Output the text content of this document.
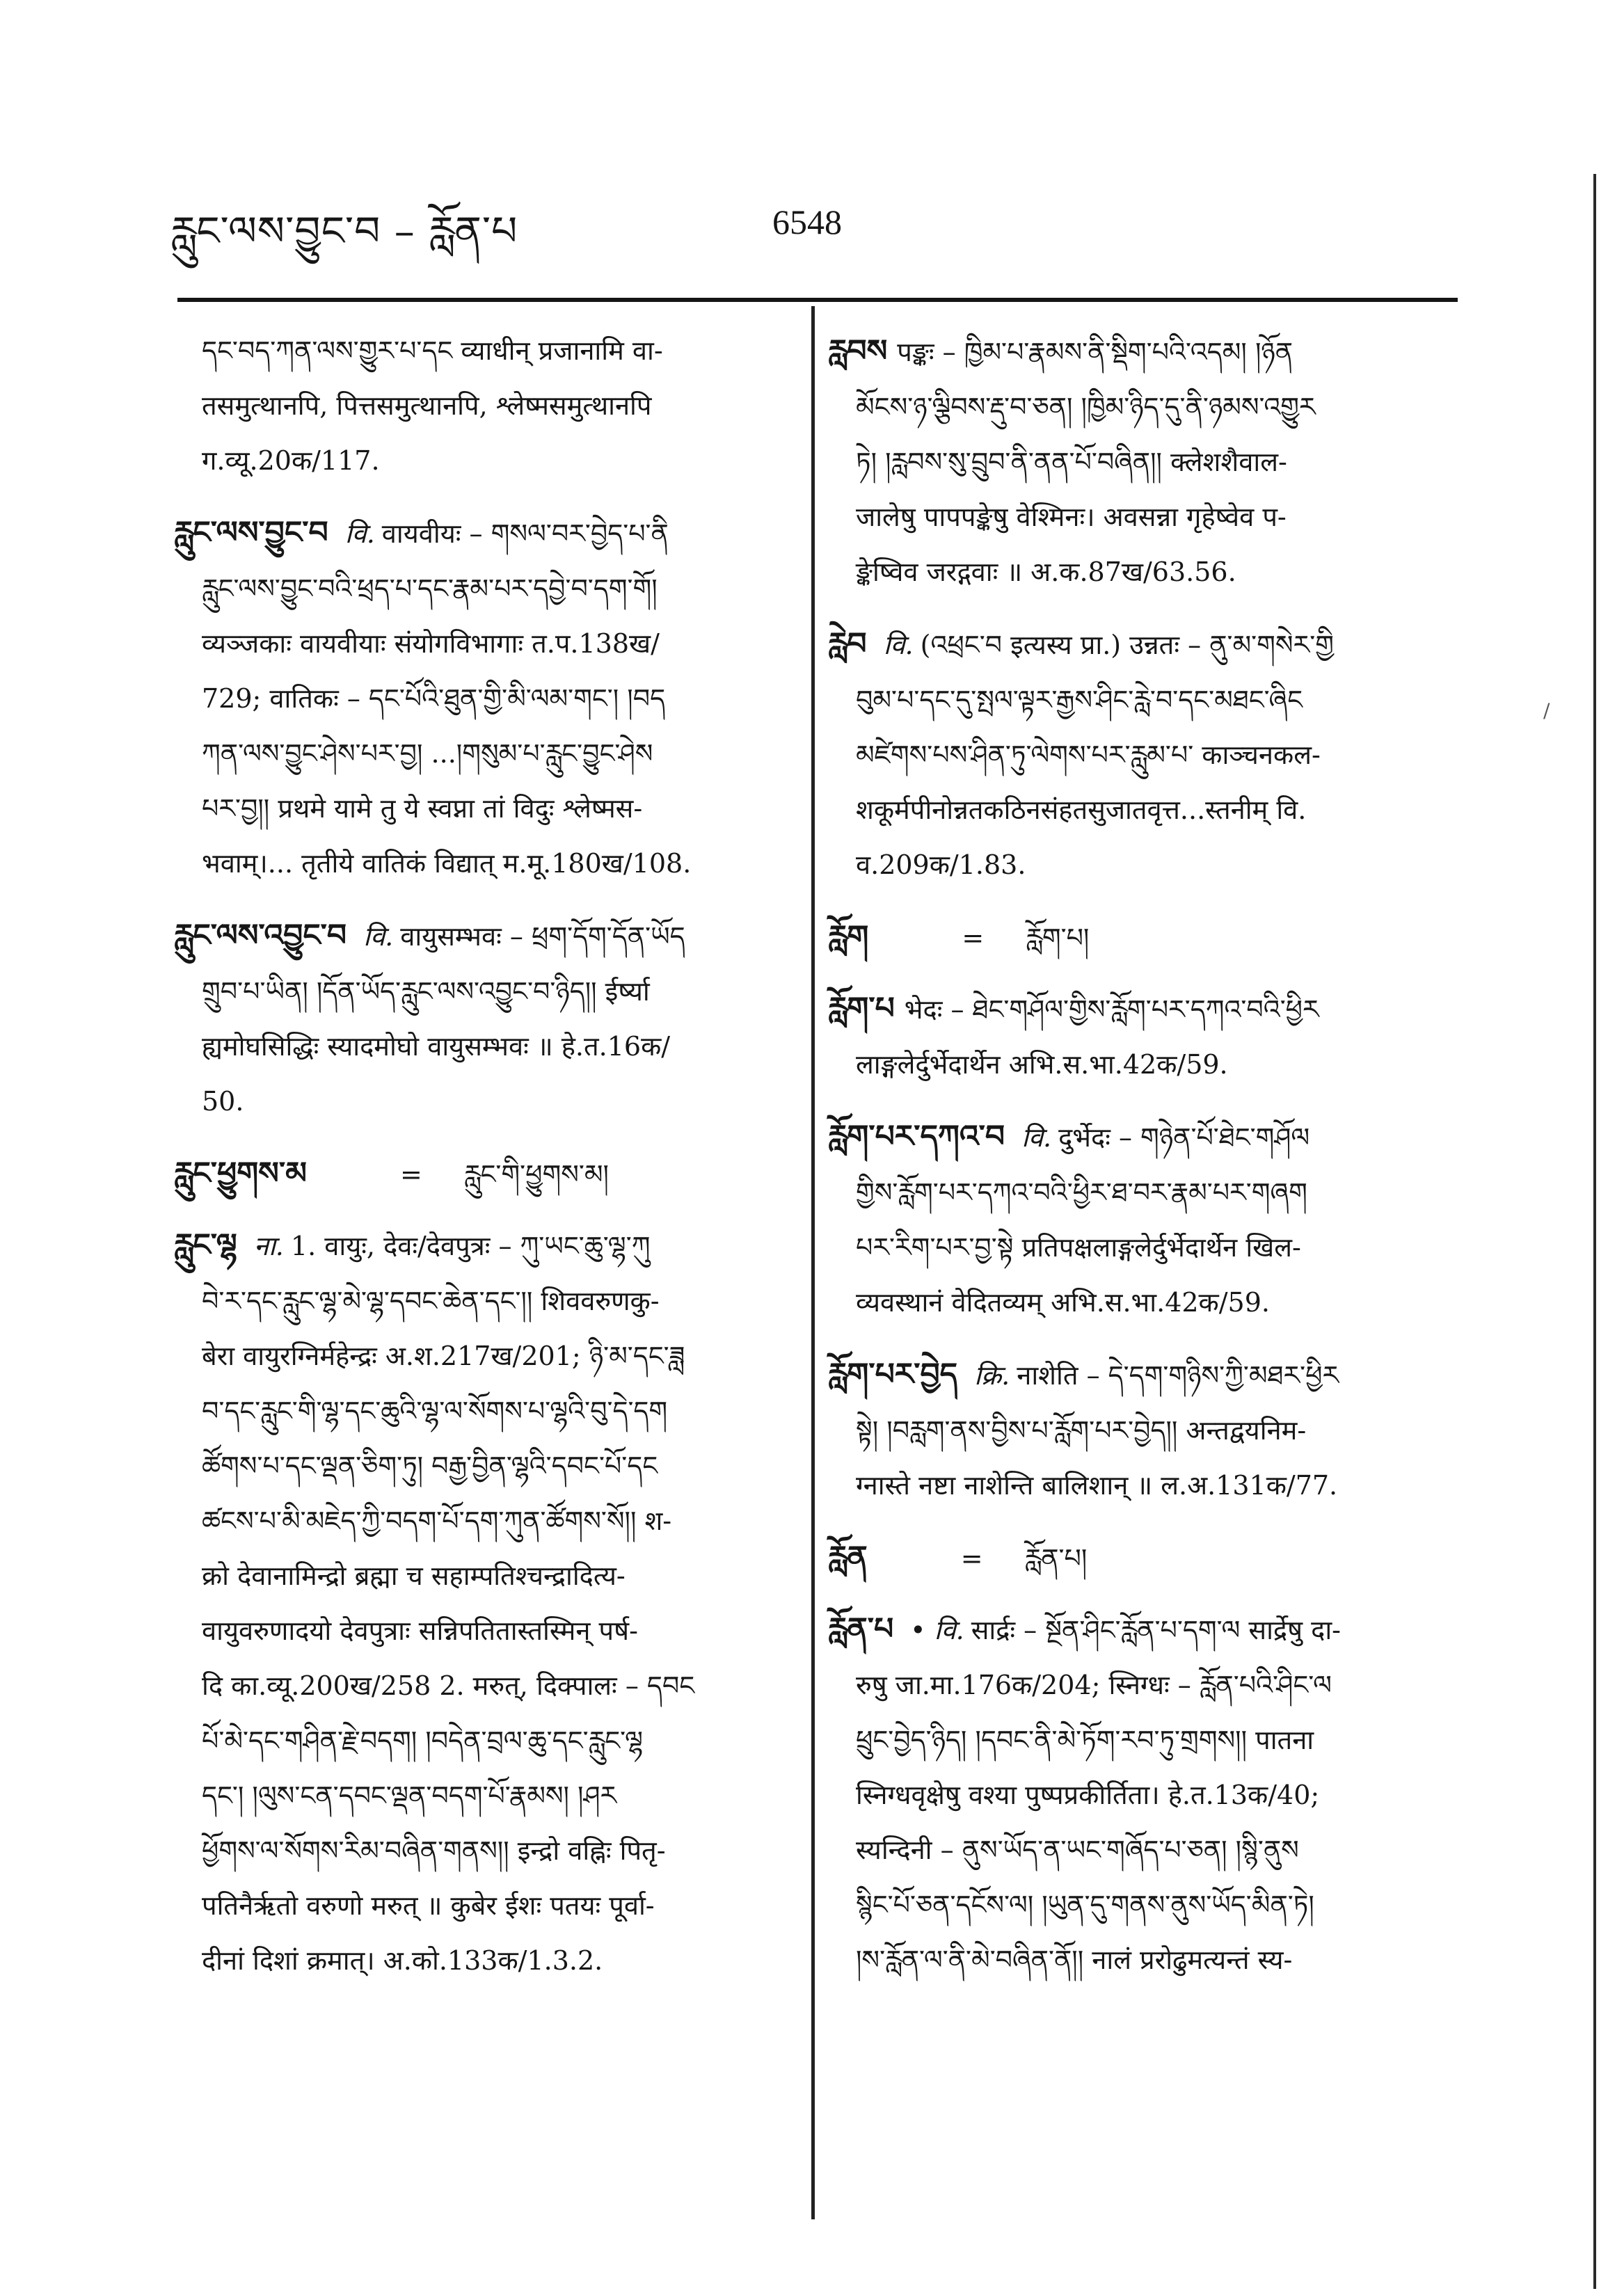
རླུང་ལས་བྱུང་བ – རློན་པ	6548
/
དང་བད་ཀན་ལས་གྱུར་པ་དང व्याधीन् प्रजानामि वा-
तसमुत्थानपि, पित्तसमुत्थानपि, श्लेष्मसमुत्थानपि
ग.व्यू.20क/117.
རླུང་ལས་བྱུང་བ वि. वायवीयः – གསལ་བར་བྱེད་པ་ནི
རླུང་ལས་བྱུང་བའི་ཕྲད་པ་དང་རྣམ་པར་དབྱེ་བ་དག་གོ།
व्यञ्जकाः वायवीयाः संयोगविभागाः त.प.138ख/
729; वातिकः – དང་པོའི་ཐུན་གྱི་མི་ལམ་གང་། །བད
ཀན་ལས་བྱུང་ཤེས་པར་བྱ། ...།གསུམ་པ་རླུང་བྱུང་ཤེས
པར་བྱ།། प्रथमे यामे तु ये स्वप्ना तां विदुः श्लेष्मस-
भवाम्।... तृतीये वातिकं विद्यात् म.मू.180ख/108.
རླུང་ལས་འབྱུང་བ वि. वायुसम्भवः – ཕྲག་དོག་དོན་ཡོད
གྲུབ་པ་ཡིན། །དོན་ཡོད་རླུང་ལས་འབྱུང་བ་ཉིད།། ईर्ष्या
ह्यमोघसिद्धिः स्यादमोघो वायुसम्भवः ॥ हे.त.16क/
50.
རླུང་ཕྱུགས་མ	= རླུང་གི་ཕྱུགས་མ།
རླུང་ལྷ ना. 1. वायुः, देवः/देवपुत्रः – ཀུ་ཡང་ཆུ་ལྷ་ཀུ
བེ་ར་དང་རླུང་ལྷ་མེ་ལྷ་དབང་ཆེན་དང་།། शिववरुणकु-
बेरा वायुरग्निर्महेन्द्रः अ.श.217ख/201; ཉི་མ་དང་ཟླ
བ་དང་རླུང་གི་ལྷ་དང་ཆུའི་ལྷ་ལ་སོགས་པ་ལྷའི་བུ་དེ་དག
ཚོགས་པ་དང་ལྡན་ཅིག་ཏུ། བརྒྱ་བྱིན་ལྷའི་དབང་པོ་དང
ཚངས་པ་མི་མཇེད་ཀྱི་བདག་པོ་དག་ཀུན་ཚོགས་སོ།། श-
क्रो देवानामिन्द्रो ब्रह्मा च सहाम्पतिश्चन्द्रादित्य-
वायुवरुणादयो देवपुत्राः सन्निपतितास्तस्मिन् पर्ष-
दि का.व्यू.200ख/258 2. मरुत्, दिक्पालः – དབང
པོ་མེ་དང་གཤིན་རྗེ་བདག། །བདེན་བྲལ་ཆུ་དང་རླུང་ལྷ
དང་། །ལུས་ངན་དབང་ལྡན་བདག་པོ་རྣམས། །ཤར
ཕྱོགས་ལ་སོགས་རིམ་བཞིན་གནས།། इन्द्रो वह्निः पितृ-
पतिनैर्ऋतो वरुणो मरुत् ॥ कुबेर ईशः पतयः पूर्वा-
दीनां दिशां क्रमात्। अ.को.133क/1.3.2.
རླབས पङ्कः – ཁྱིམ་པ་རྣམས་ནི་སྡིག་པའི་འདམ། །ཉོན
མོངས་ཉ་ལྕིབས་རྡུ་བ་ཅན། །ཁྱིམ་ཉིད་དུ་ནི་ཉམས་འགྱུར
ཏེ། །རླབས་སུ་བྲུབ་ནི་ནན་པོ་བཞིན།། क्लेशशैवाल-
जालेषु पापपङ्केषु वेश्मिनः। अवसन्ना गृहेष्वेव प-
ङ्केष्विव जरद्गवाः ॥ अ.क.87ख/63.56.
རླེབ वि. (འཕྲང་བ इत्यस्य प्रा.) उन्नतः – ནུ་མ་གསེར་གྱི
བུམ་པ་དང་དུ་སྤལ་ལྟར་རྒྱས་ཤིང་རླེ་བ་དང་མཐང་ཞིང
མཛེགས་པས་ཤིན་ཏུ་ལེགས་པར་རླུམ་པ་ काञ्चनकल-
शकूर्मपीनोन्नतकठिनसंहतसुजातवृत्त...स्तनीम् वि.
व.209क/1.83.
རློག	= རློག་པ།
རློག་པ भेदः – ཐེང་གཤོལ་གྱིས་རློག་པར་དཀའ་བའི་ཕྱིར
लाङ्गलेर्दुर्भेदार्थेन अभि.स.भा.42क/59.
རློག་པར་དཀའ་བ वि. दुर्भेदः – གཉེན་པོ་ཐེང་གཤོལ
གྱིས་རློག་པར་དཀའ་བའི་ཕྱིར་ཐ་བར་རྣམ་པར་གཞག
པར་རིག་པར་བྱ་སྟེ प्रतिपक्षलाङ्गलेर्दुर्भेदार्थेन खिल-
व्यवस्थानं वेदितव्यम् अभि.स.भा.42क/59.
རློག་པར་བྱེད क्रि. नाशेति – དེ་དག་གཉིས་ཀྱི་མཐར་ཕྱིར
སྟེ། །བརླག་ནས་བྱིས་པ་རློག་པར་བྱེད།། अन्तद्वयनिम-
ग्नास्ते नष्टा नाशेन्ति बालिशान् ॥ ल.अ.131क/77.
རློན	= རློན་པ།
རློན་པ • वि. सार्द्रः – སྔོན་ཤིང་རློན་པ་དག་ལ सार्द्रेषु दा-
रुषु जा.मा.176क/204; स्निग्धः – རློན་པའི་ཤིང་ལ
ཕྲུང་བྱེད་ཉིད། །དབང་ནི་མེ་ཏོག་རབ་ཏུ་གྲགས།། पातना
स्निग्धवृक्षेषु वश्या पुष्पप्रकीर्तिता। हे.त.13क/40;
स्यन्दिनी – ནུས་ཡོད་ན་ཡང་གཞོད་པ་ཅན། །སྙི་ནུས
སྙིང་པོ་ཅན་དངོས་ལ། །ཡུན་དུ་གནས་ནུས་ཡོད་མིན་ཏེ།
།ས་རློན་ལ་ནི་མེ་བཞིན་ནོ།། नालं प्ररोढुमत्यन्तं स्य-
